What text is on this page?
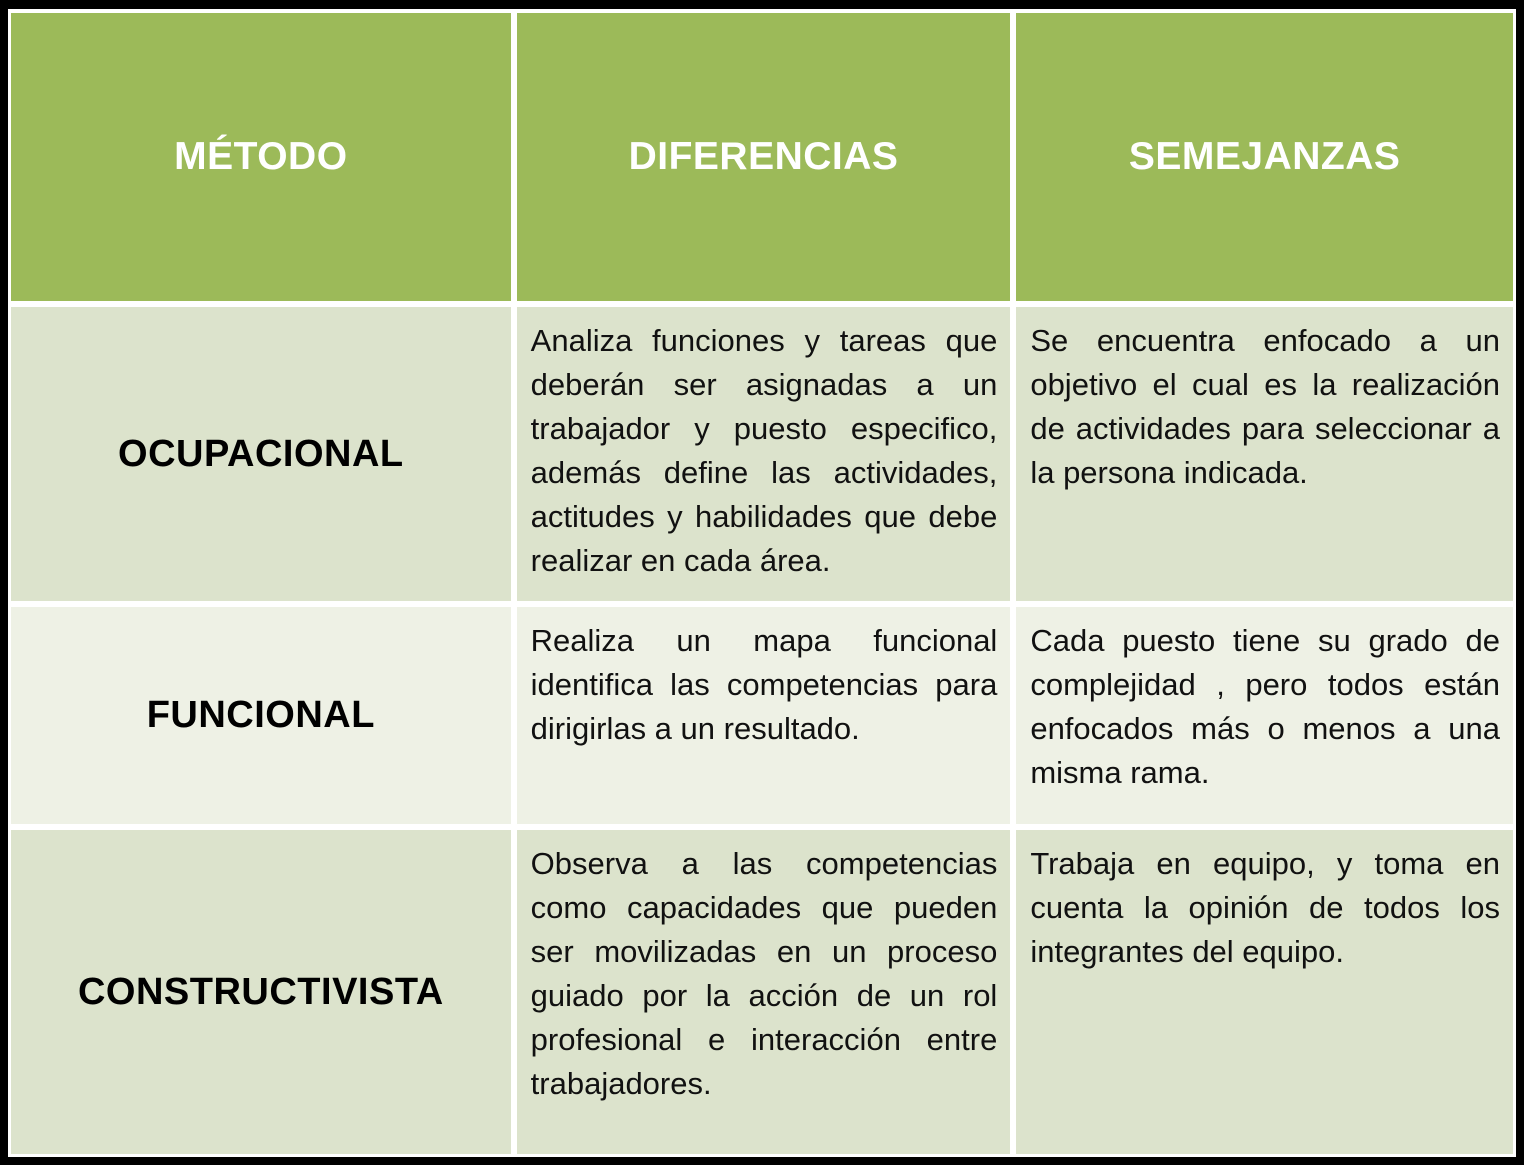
MÉTODO	DIFERENCIAS	SEMEJANZAS
OCUPACIONAL
Analiza funciones y tareas que deberán ser asignadas a un trabajador y puesto especifico, además define las actividades, actitudes y habilidades que debe realizar en cada área.
Se encuentra enfocado a un objetivo el cual es la realización de actividades para seleccionar a la persona indicada.
FUNCIONAL
Realiza un mapa funcional identifica las competencias para dirigirlas a un resultado.
Cada puesto tiene su grado de complejidad , pero todos están enfocados más o menos a una misma rama.
CONSTRUCTIVISTA
Observa a las competencias como capacidades que pueden ser movilizadas en un proceso guiado por la acción de un rol profesional e interacción entre trabajadores.
Trabaja en equipo, y toma en cuenta la opinión de todos los integrantes del equipo.
